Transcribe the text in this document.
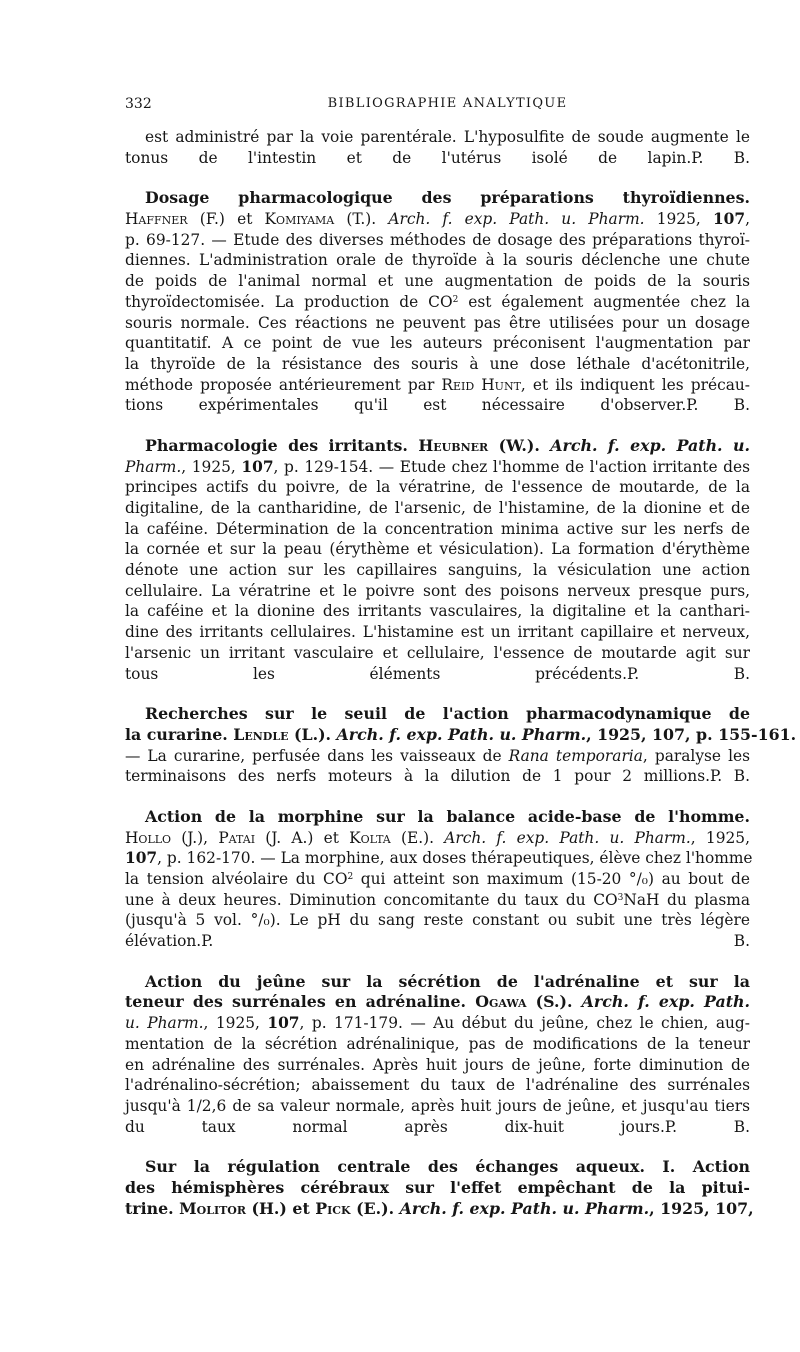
332	BIBLIOGRAPHIE ANALYTIQUE
est administré par la voie parentérale. L'hyposulfite de soude augmente le
tonus de l'intestin et de l'utérus isolé de lapin.P. B.
Dosage pharmacologique des préparations thyroïdiennes.
Haffner (F.) et Komiyama (T.). Arch. f. exp. Path. u. Pharm. 1925, 107,
p. 69-127. — Etude des diverses méthodes de dosage des préparations thyroï-
diennes. L'administration orale de thyroïde à la souris déclenche une chute
de poids de l'animal normal et une augmentation de poids de la souris
thyroïdectomisée. La production de $CO^2$ est également augmentée chez la
souris normale. Ces réactions ne peuvent pas être utilisées pour un dosage
quantitatif. A ce point de vue les auteurs préconisent l'augmentation par
la thyroïde de la résistance des souris à une dose léthale d'acétonitrile,
méthode proposée antérieurement par Reid Hunt, et ils indiquent les précau-
tions expérimentales qu'il est nécessaire d'observer.P. B.
Pharmacologie des irritants. Heubner (W.). Arch. f. exp. Path. u.
Pharm., 1925, 107, p. 129-154. — Etude chez l'homme de l'action irritante des
principes actifs du poivre, de la vératrine, de l'essence de moutarde, de la
digitaline, de la cantharidine, de l'arsenic, de l'histamine, de la dionine et de
la caféine. Détermination de la concentration minima active sur les nerfs de
la cornée et sur la peau (érythème et vésiculation). La formation d'érythème
dénote une action sur les capillaires sanguins, la vésiculation une action
cellulaire. La vératrine et le poivre sont des poisons nerveux presque purs,
la caféine et la dionine des irritants vasculaires, la digitaline et la canthari-
dine des irritants cellulaires. L'histamine est un irritant capillaire et nerveux,
l'arsenic un irritant vasculaire et cellulaire, l'essence de moutarde agit sur
tous les éléments précédents.P. B.
Recherches sur le seuil de l'action pharmacodynamique de
la curarine. Lendle (L.). Arch. f. exp. Path. u. Pharm., 1925, 107, p. 155-161.
— La curarine, perfusée dans les vaisseaux de Rana temporaria, paralyse les
terminaisons des nerfs moteurs à la dilution de 1 pour 2 millions.P. B.
Action de la morphine sur la balance acide-base de l'homme.
Hollo (J.), Patai (J. A.) et Kolta (E.). Arch. f. exp. Path. u. Pharm., 1925,
107, p. 162-170. — La morphine, aux doses thérapeutiques, élève chez l'homme
la tension alvéolaire du $CO^2$ qui atteint son maximum (15-20 °/₀) au bout de
une à deux heures. Diminution concomitante du taux du $CO^3NaH$ du plasma
(jusqu'à 5 vol. °/₀). Le pH du sang reste constant ou subit une très légère
élévation.P. B.
Action du jeûne sur la sécrétion de l'adrénaline et sur la
teneur des surrénales en adrénaline. Ogawa (S.). Arch. f. exp. Path.
u. Pharm., 1925, 107, p. 171-179. — Au début du jeûne, chez le chien, aug-
mentation de la sécrétion adrénalinique, pas de modifications de la teneur
en adrénaline des surrénales. Après huit jours de jeûne, forte diminution de
l'adrénalino-sécrétion; abaissement du taux de l'adrénaline des surrénales
jusqu'à 1/2,6 de sa valeur normale, après huit jours de jeûne, et jusqu'au tiers
du taux normal après dix-huit jours.P. B.
Sur la régulation centrale des échanges aqueux. I. Action
des hémisphères cérébraux sur l'effet empêchant de la pitui-
trine. Molitor (H.) et Pick (E.). Arch. f. exp. Path. u. Pharm., 1925, 107,
